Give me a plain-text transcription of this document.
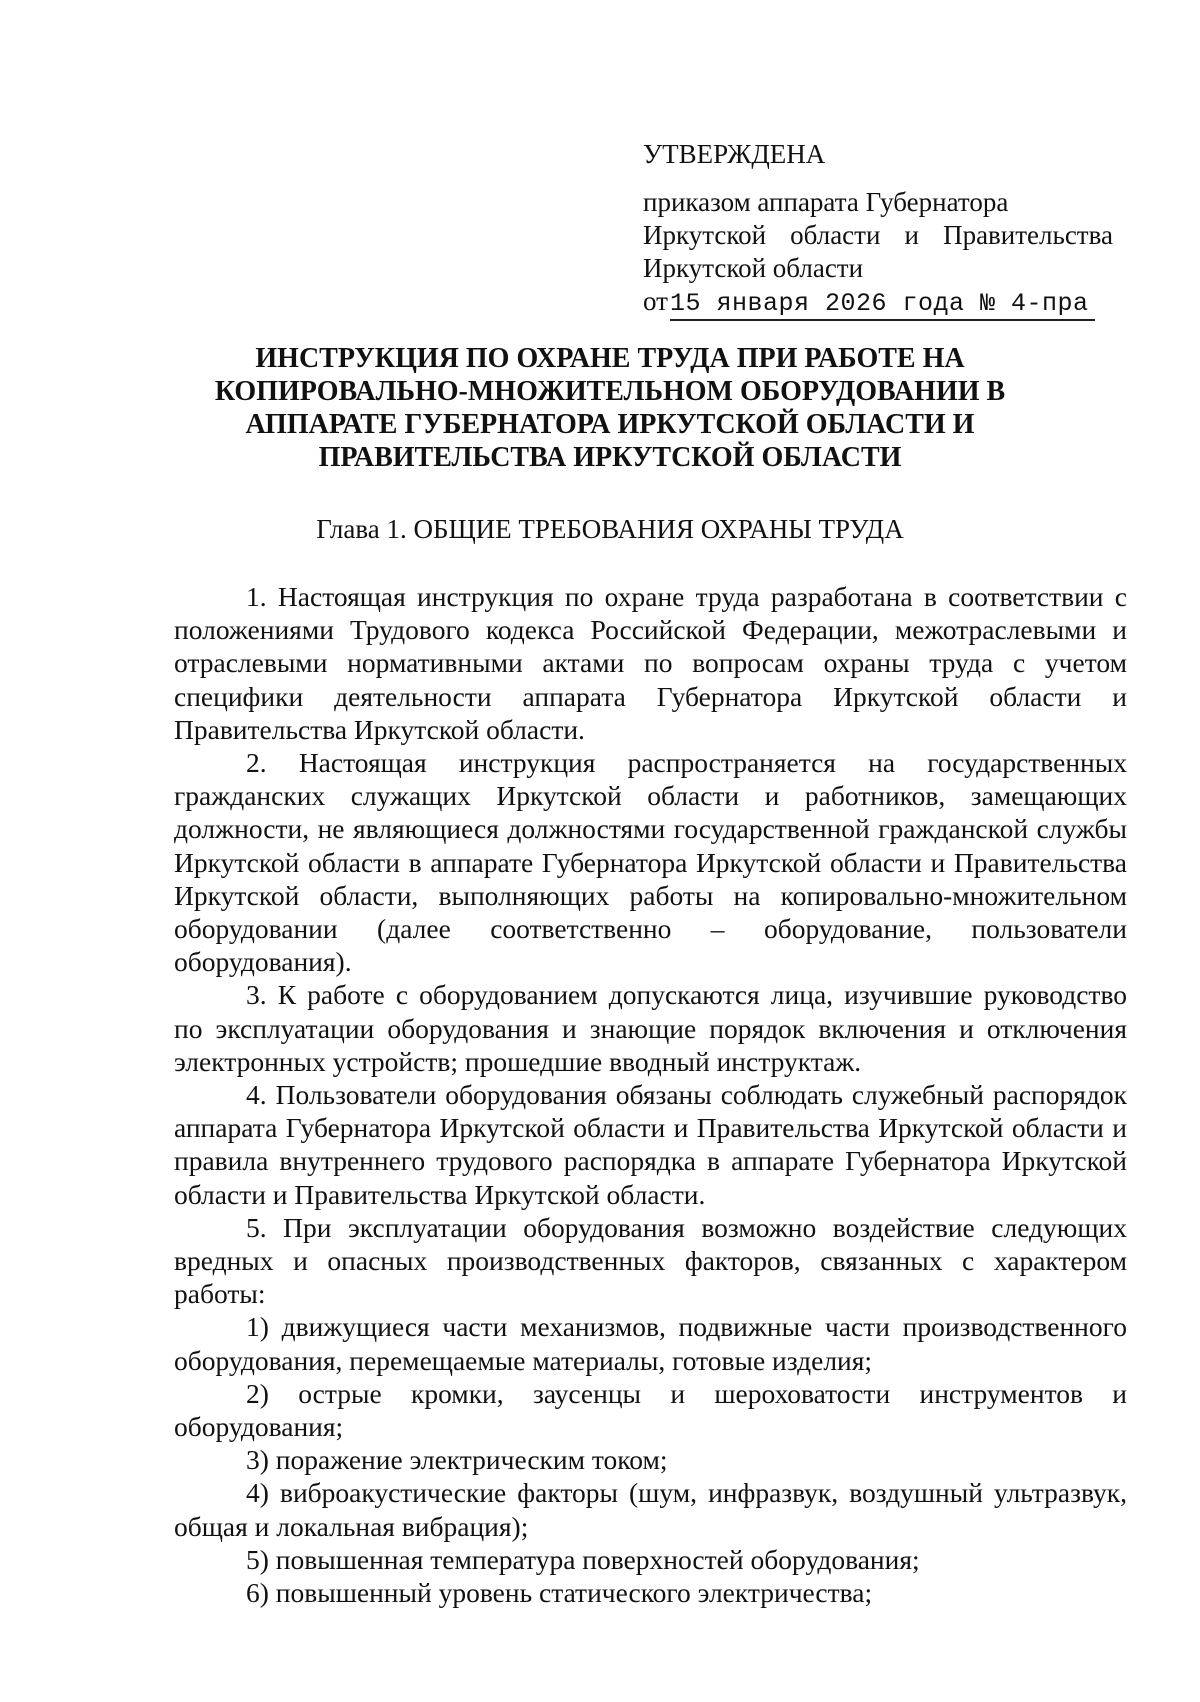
УТВЕРЖДЕНА
приказом аппарата Губернатора
Иркутской области и Правительства
Иркутской области
от 15 января 2026 года № 4-пра
ИНСТРУКЦИЯ ПО ОХРАНЕ ТРУДА ПРИ РАБОТЕ НА
КОПИРОВАЛЬНО-МНОЖИТЕЛЬНОМ ОБОРУДОВАНИИ В
АППАРАТЕ ГУБЕРНАТОРА ИРКУТСКОЙ ОБЛАСТИ И
ПРАВИТЕЛЬСТВА ИРКУТСКОЙ ОБЛАСТИ
Глава 1. ОБЩИЕ ТРЕБОВАНИЯ ОХРАНЫ ТРУДА

1. Настоящая инструкция по охране труда разработана в соответствии с положениями Трудового кодекса Российской Федерации, межотраслевыми и отраслевыми нормативными актами по вопросам охраны труда с учетом специфики деятельности аппарата Губернатора Иркутской области и Правительства Иркутской области.

2. Настоящая инструкция распространяется на государственных гражданских служащих Иркутской области и работников, замещающих должности, не являющиеся должностями государственной гражданской службы Иркутской области в аппарате Губернатора Иркутской области и Правительства Иркутской области, выполняющих работы на копировально-множительном оборудовании (далее соответственно – оборудование, пользователи оборудования).

3. К работе с оборудованием допускаются лица, изучившие руководство по эксплуатации оборудования и знающие порядок включения и отключения электронных устройств; прошедшие вводный инструктаж.

4. Пользователи оборудования обязаны соблюдать служебный распорядок аппарата Губернатора Иркутской области и Правительства Иркутской области и правила внутреннего трудового распорядка в аппарате Губернатора Иркутской области и Правительства Иркутской области.

5. При эксплуатации оборудования возможно воздействие следующих вредных и опасных производственных факторов, связанных с характером работы:

1) движущиеся части механизмов, подвижные части производственного оборудования, перемещаемые материалы, готовые изделия;

2) острые кромки, заусенцы и шероховатости инструментов и оборудования;

3) поражение электрическим током;

4) виброакустические факторы (шум, инфразвук, воздушный ультразвук, общая и локальная вибрация);

5) повышенная температура поверхностей оборудования;

6) повышенный уровень статического электричества;
